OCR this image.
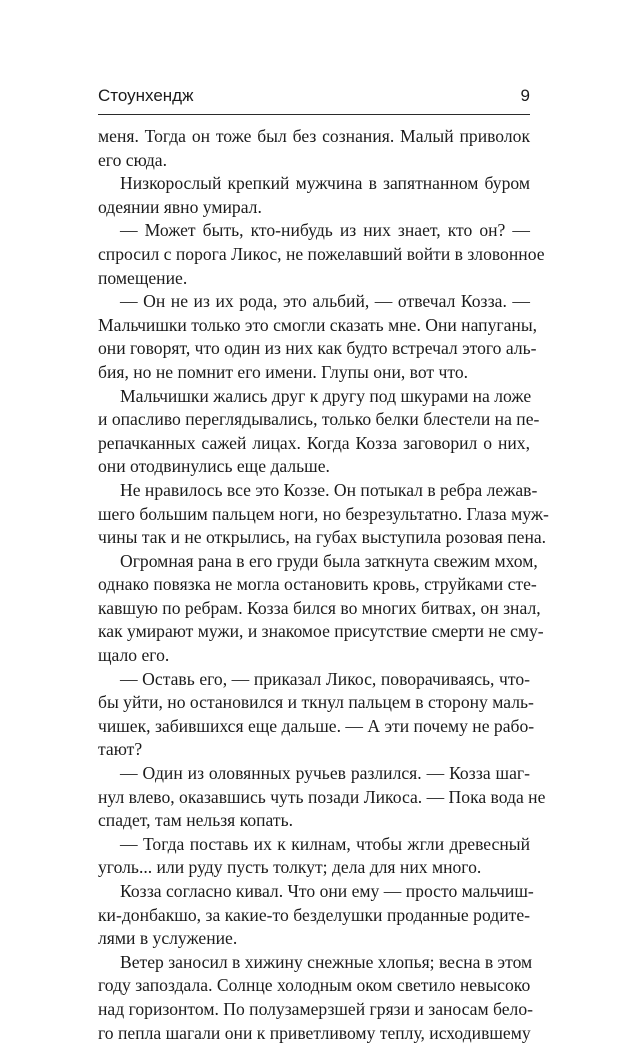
Стоунхендж	9

меня. Тогда он тоже был без сознания. Малый приволок
его сюда.

Низкорослый крепкий мужчина в запятнанном буром
одеянии явно умирал.

— Может быть, кто-нибудь из них знает, кто он? —
спросил с порога Ликос, не пожелавший войти в зловонное
помещение.

— Он не из их рода, это альбий, — отвечал Козза. —
Мальчишки только это смогли сказать мне. Они напуганы,
они говорят, что один из них как будто встречал этого аль-
бия, но не помнит его имени. Глупы они, вот что.

Мальчишки жались друг к другу под шкурами на ложе
и опасливо переглядывались, только белки блестели на пе-
репачканных сажей лицах. Когда Козза заговорил о них,
они отодвинулись еще дальше.

Не нравилось все это Коззе. Он потыкал в ребра лежав-
шего большим пальцем ноги, но безрезультатно. Глаза муж-
чины так и не открылись, на губах выступила розовая пена.

Огромная рана в его груди была заткнута свежим мхом,
однако повязка не могла остановить кровь, струйками сте-
кавшую по ребрам. Козза бился во многих битвах, он знал,
как умирают мужи, и знакомое присутствие смерти не сму-
щало его.

— Оставь его, — приказал Ликос, поворачиваясь, что-
бы уйти, но остановился и ткнул пальцем в сторону маль-
чишек, забившихся еще дальше. — А эти почему не рабо-
тают?

— Один из оловянных ручьев разлился. — Козза шаг-
нул влево, оказавшись чуть позади Ликоса. — Пока вода не
спадет, там нельзя копать.

— Тогда поставь их к килнам, чтобы жгли древесный
уголь... или руду пусть толкут; дела для них много.

Козза согласно кивал. Что они ему — просто мальчиш-
ки-донбакшо, за какие-то безделушки проданные родите-
лями в услужение.

Ветер заносил в хижину снежные хлопья; весна в этом
году запоздала. Солнце холодным оком светило невысоко
над горизонтом. По полузамерзшей грязи и заносам бело-
го пепла шагали они к приветливому теплу, исходившему
